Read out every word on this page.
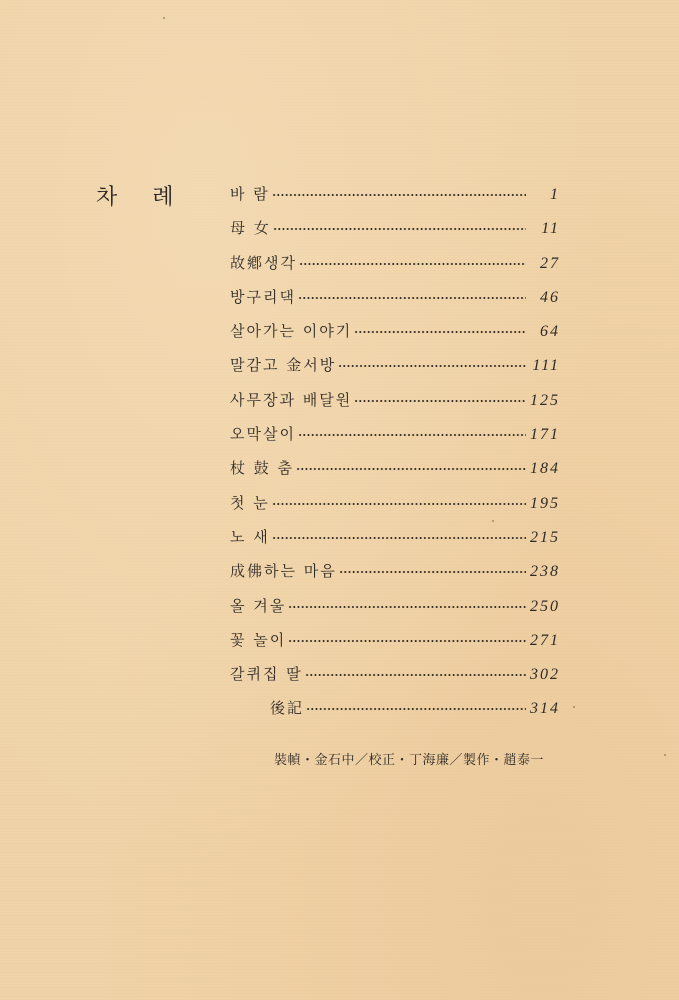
차 례	바 람	1
母 女	11
故鄕생각	27
방구리댁	46
살아가는 이야기	64
말감고 金서방	111
사무장과 배달원	125
오막살이	171
杖 鼓 춤	184
첫 눈	195
노 새	215
成佛하는 마음	238
올 겨울	250
꽃 놀이	271
갈퀴집 딸	302
後記	314
裝幀・金石中／校正・丁海廉／製作・趙泰一
